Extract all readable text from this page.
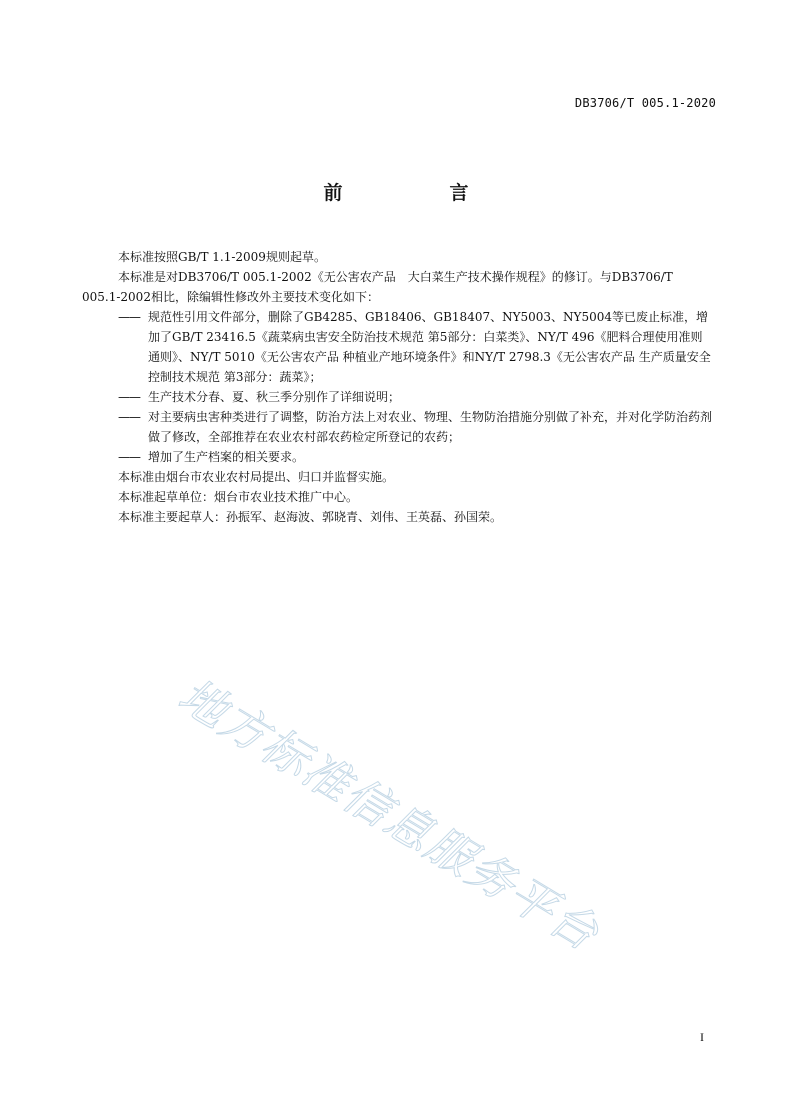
DB3706/T 005.1-2020
前　言

本标准按照GB/T 1.1-2009规则起草。

本标准是对DB3706/T 005.1-2002《无公害农产品　大白菜生产技术操作规程》的修订。与DB3706/T

005.1-2002相比，除编辑性修改外主要技术变化如下：

—— 规范性引用文件部分，删除了GB4285、GB18406、GB18407、NY5003、NY5004等已废止标准，增加了GB/T 23416.5《蔬菜病虫害安全防治技术规范 第5部分：白菜类》、NY/T 496《肥料合理使用准则 通则》、NY/T 5010《无公害农产品 种植业产地环境条件》和NY/T 2798.3《无公害农产品 生产质量安全控制技术规范 第3部分：蔬菜》；
—— 生产技术分春、夏、秋三季分别作了详细说明；
—— 对主要病虫害种类进行了调整，防治方法上对农业、物理、生物防治措施分别做了补充，并对化学防治药剂做了修改，全部推荐在农业农村部农药检定所登记的农药；
—— 增加了生产档案的相关要求。

本标准由烟台市农业农村局提出、归口并监督实施。

本标准起草单位：烟台市农业技术推广中心。

本标准主要起草人：孙振军、赵海波、郭晓青、刘伟、王英磊、孙国荣。

地方标准信息服务平台
I
